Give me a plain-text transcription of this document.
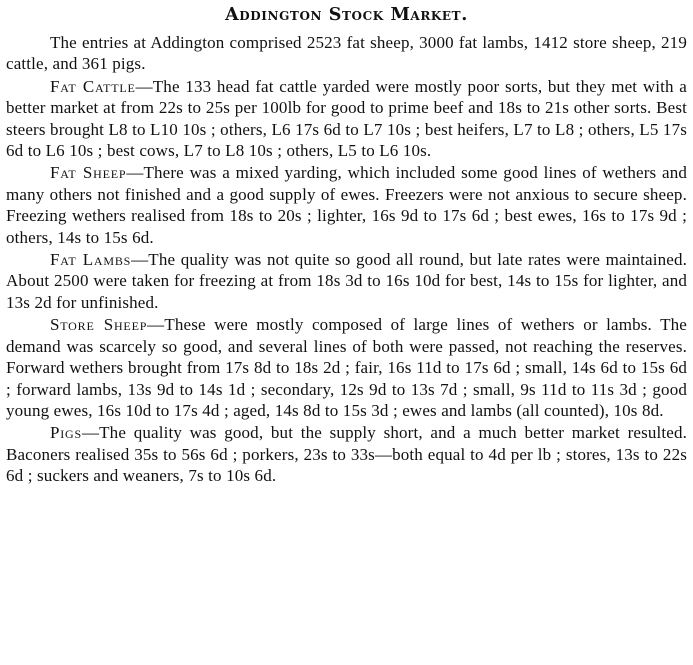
Addington Stock Market.

The entries at Addington comprised 2523 fat sheep, 3000 fat lambs, 1412 store sheep, 219 cattle, and 361 pigs.

Fat Cattle—The 133 head fat cattle yarded were mostly poor sorts, but they met with a better market at from 22s to 25s per 100lb for good to prime beef and 18s to 21s other sorts. Best steers brought L8 to L10 10s ; others, L6 17s 6d to L7 10s ; best heifers, L7 to L8 ; others, L5 17s 6d to L6 10s ; best cows, L7 to L8 10s ; others, L5 to L6 10s.

Fat Sheep—There was a mixed yarding, which included some good lines of wethers and many others not finished and a good supply of ewes. Freezers were not anxious to secure sheep. Freezing wethers realised from 18s to 20s ; lighter, 16s 9d to 17s 6d ; best ewes, 16s to 17s 9d ; others, 14s to 15s 6d.

Fat Lambs—The quality was not quite so good all round, but late rates were maintained. About 2500 were taken for freezing at from 18s 3d to 16s 10d for best, 14s to 15s for lighter, and 13s 2d for unfinished.

Store Sheep—These were mostly composed of large lines of wethers or lambs. The demand was scarcely so good, and several lines of both were passed, not reaching the reserves. Forward wethers brought from 17s 8d to 18s 2d ; fair, 16s 11d to 17s 6d ; small, 14s 6d to 15s 6d ; forward lambs, 13s 9d to 14s 1d ; secondary, 12s 9d to 13s 7d ; small, 9s 11d to 11s 3d ; good young ewes, 16s 10d to 17s 4d ; aged, 14s 8d to 15s 3d ; ewes and lambs (all counted), 10s 8d.

Pigs—The quality was good, but the supply short, and a much better market resulted. Baconers realised 35s to 56s 6d ; porkers, 23s to 33s—both equal to 4d per lb ; stores, 13s to 22s 6d ; suckers and weaners, 7s to 10s 6d.
